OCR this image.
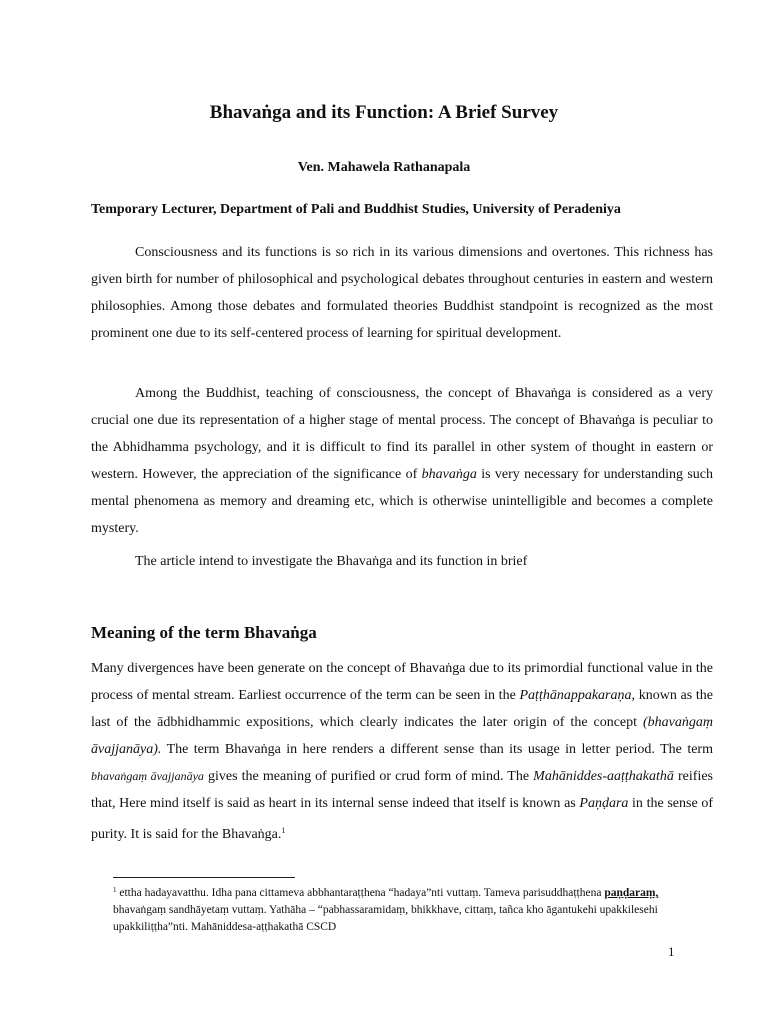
Bhavaṅga and its Function: A Brief Survey
Ven. Mahawela Rathanapala
Temporary Lecturer, Department of Pali and Buddhist Studies, University of Peradeniya

Consciousness and its functions is so rich in its various dimensions and overtones. This richness has given birth for number of philosophical and psychological debates throughout centuries in eastern and western philosophies. Among those debates and formulated theories Buddhist standpoint is recognized as the most prominent one due to its self-centered process of learning for spiritual development.

Among the Buddhist, teaching of consciousness, the concept of Bhavaṅga is considered as a very crucial one due its representation of a higher stage of mental process. The concept of Bhavaṅga is peculiar to the Abhidhamma psychology, and it is difficult to find its parallel in other system of thought in eastern or western. However, the appreciation of the significance of bhavaṅga is very necessary for understanding such mental phenomena as memory and dreaming etc, which is otherwise unintelligible and becomes a complete mystery.

The article intend to investigate the Bhavaṅga and its function in brief

Meaning of the term Bhavaṅga

Many divergences have been generate on the concept of Bhavaṅga due to its primordial functional value in the process of mental stream. Earliest occurrence of the term can be seen in the Paṭṭhānappakaraṇa, known as the last of the ādbhidhammic expositions, which clearly indicates the later origin of the concept (bhavaṅgaṃ āvajjanāya). The term Bhavaṅga in here renders a different sense than its usage in letter period. The term bhavaṅgaṃ āvajjanāya gives the meaning of purified or crud form of mind. The Mahāniddes-aaṭṭhakathā reifies that, Here mind itself is said as heart in its internal sense indeed that itself is known as Paṇḍara in the sense of purity. It is said for the Bhavaṅga.$^1$

$^1$ ettha hadayavatthu. Idha pana cittameva abbhantaraṭṭhena “hadaya”nti vuttaṃ. Tameva parisuddhaṭṭhena paṇḍaraṃ, bhavaṅgaṃ sandhāyetaṃ vuttaṃ. Yathāha – “pabhassaramidaṃ, bhikkhave, cittaṃ, tañca kho āgantukehi upakkilesehi upakkiliṭṭha”nti. Mahāniddesa-aṭṭhakathā CSCD

1
